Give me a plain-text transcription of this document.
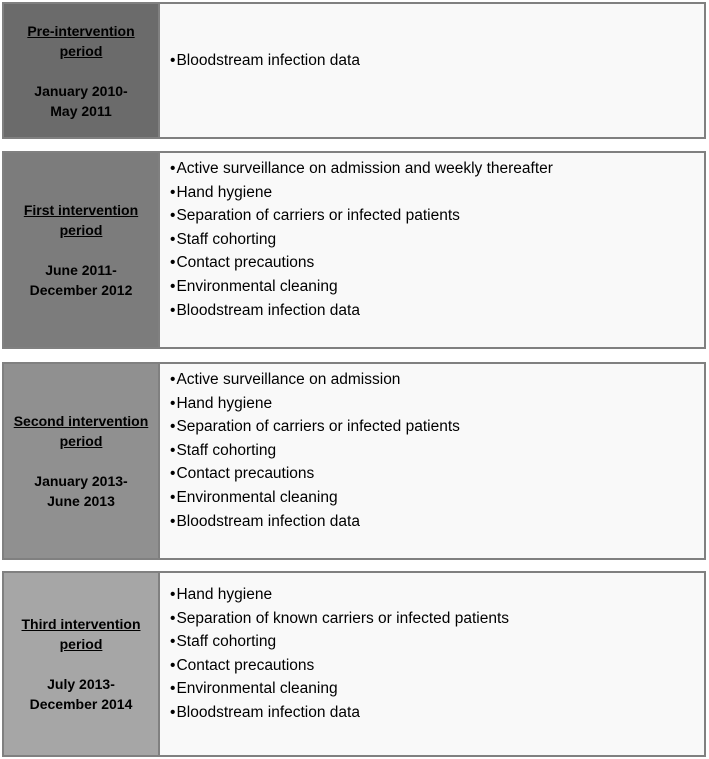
Pre-intervention period
January 2010-May 2011
• Bloodstream infection data
First intervention period
June 2011-December 2012
• Active surveillance on admission and weekly thereafter
• Hand hygiene
• Separation of carriers or infected patients
• Staff cohorting
• Contact precautions
• Environmental cleaning
• Bloodstream infection data
Second intervention period
January 2013-June 2013
• Active surveillance on admission
• Hand hygiene
• Separation of carriers or infected patients
• Staff cohorting
• Contact precautions
• Environmental cleaning
• Bloodstream infection data
Third intervention period
July 2013-December 2014
• Hand hygiene
• Separation of known carriers or infected patients
• Staff cohorting
• Contact precautions
• Environmental cleaning
• Bloodstream infection data
